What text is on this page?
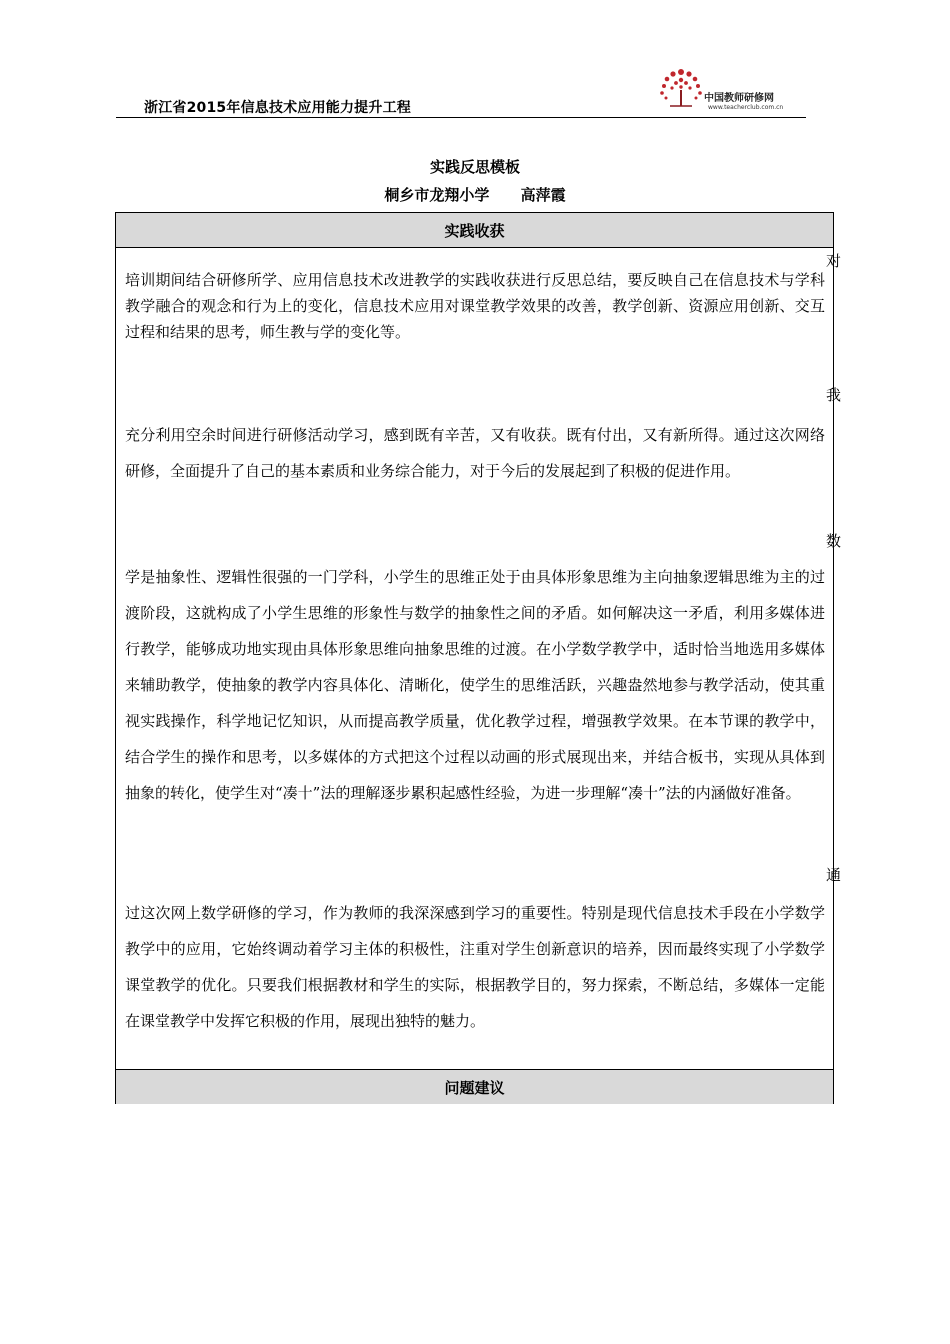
浙江省2015年信息技术应用能力提升工程
中国教师研修网
www.teacherclub.com.cn
实践反思模板
桐乡市龙翔小学      高萍霞
实践收获
培训期间结合研修所学、应用信息技术改进教学的实践收获进行反思总结，要反映自己在信息技术与学科教学融合的观念和行为上的变化，信息技术应用对课堂教学效果的改善，教学创新、资源应用创新、交互过程和结果的思考，师生教与学的变化等。
充分利用空余时间进行研修活动学习，感到既有辛苦，又有收获。既有付出，又有新所得。通过这次网络研修，全面提升了自己的基本素质和业务综合能力，对于今后的发展起到了积极的促进作用。
学是抽象性、逻辑性很强的一门学科，小学生的思维正处于由具体形象思维为主向抽象逻辑思维为主的过渡阶段，这就构成了小学生思维的形象性与数学的抽象性之间的矛盾。如何解决这一矛盾，利用多媒体进行教学，能够成功地实现由具体形象思维向抽象思维的过渡。在小学数学教学中，适时恰当地选用多媒体来辅助教学，使抽象的教学内容具体化、清晰化，使学生的思维活跃，兴趣盎然地参与教学活动，使其重视实践操作，科学地记忆知识，从而提高教学质量，优化教学过程，增强教学效果。在本节课的教学中，结合学生的操作和思考，以多媒体的方式把这个过程以动画的形式展现出来，并结合板书，实现从具体到抽象的转化，使学生对“凑十”法的理解逐步累积起感性经验，为进一步理解“凑十”法的内涵做好准备。
过这次网上数学研修的学习，作为教师的我深深感到学习的重要性。特别是现代信息技术手段在小学数学教学中的应用，它始终调动着学习主体的积极性，注重对学生创新意识的培养，因而最终实现了小学数学课堂教学的优化。只要我们根据教材和学生的实际，根据教学目的，努力探索，不断总结，多媒体一定能在课堂教学中发挥它积极的作用，展现出独特的魅力。
问题建议
对
我
数
通
